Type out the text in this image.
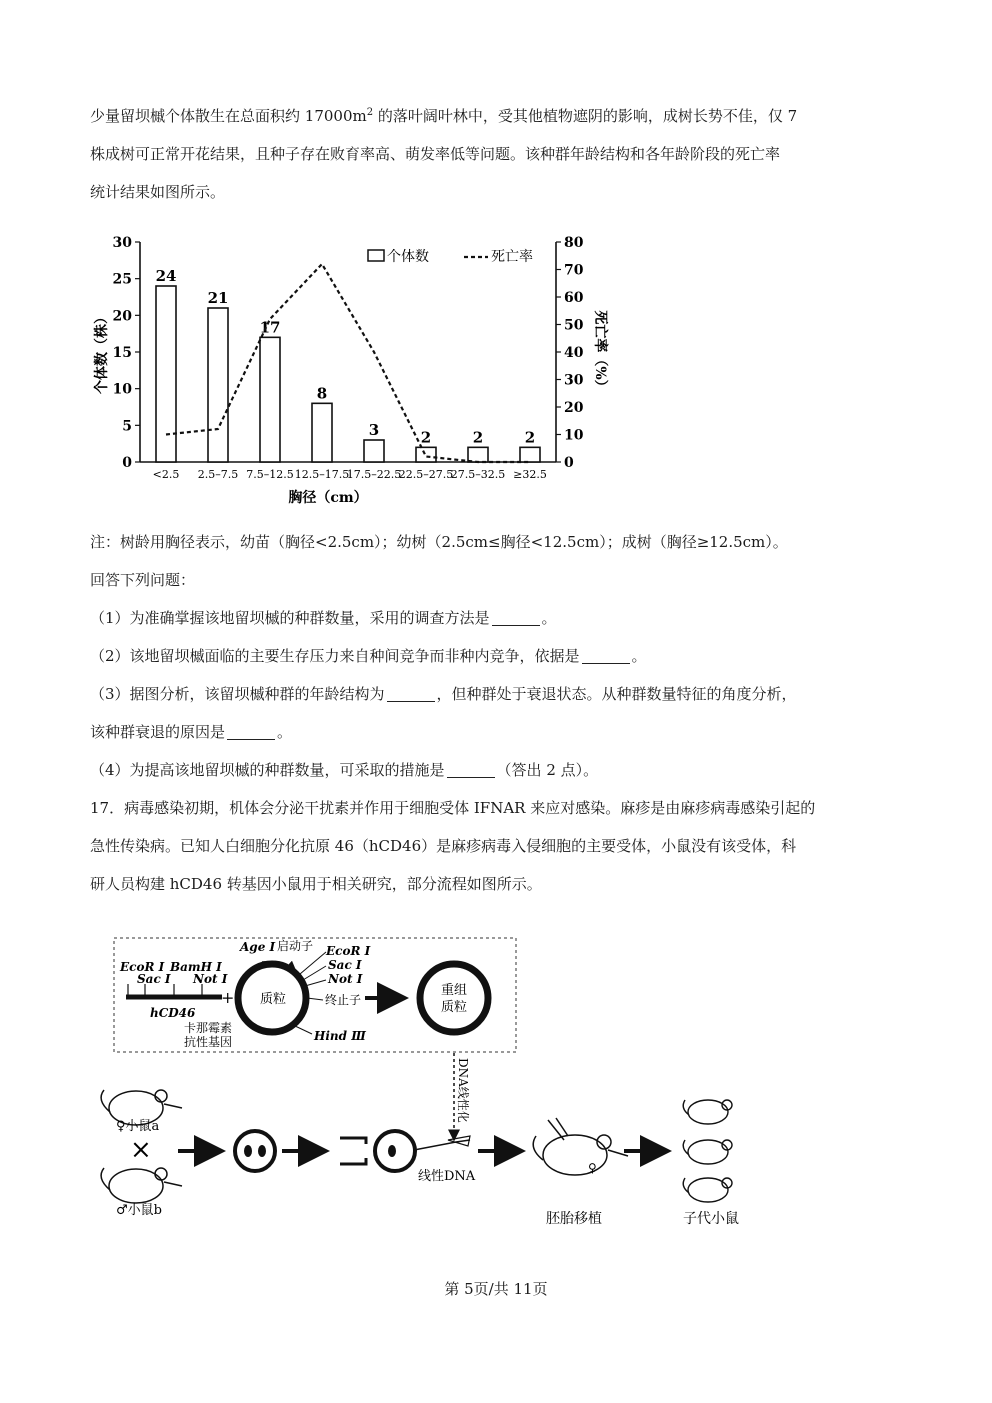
少量留坝槭个体散生在总面积约 $17000m^2$ 的落叶阔叶林中，受其他植物遮阴的影响，成树长势不佳，仅 7
株成树可正常开花结果，且种子存在败育率高、萌发率低等问题。该种群年龄结构和各年龄阶段的死亡率
统计结果如图所示。
0
5
10
15
20
25
30
0
10
20
30
40
50
60
70
80
24
<2.5
21
2.5–7.5
17
7.5–12.5
8
12.5–17.5
3
17.5–22.5
2
22.5–27.5
2
27.5–32.5
2
≥32.5
个体数（株）	死亡率（%）
胸径（cm）
个体数	死亡率
注：树龄用胸径表示，幼苗（胸径<2.5cm）；幼树（2.5cm≤胸径<12.5cm）；成树（胸径≥12.5cm）。
回答下列问题：
（1）为准确掌握该地留坝槭的种群数量，采用的调查方法是	。
（2）该地留坝槭面临的主要生存压力来自种间竞争而非种内竞争，依据是	。
（3）据图分析，该留坝槭种群的年龄结构为	，但种群处于衰退状态。从种群数量特征的角度分析，
该种群衰退的原因是	。
（4）为提高该地留坝槭的种群数量，可采取的措施是	（答出 2 点）。
17．病毒感染初期，机体会分泌干扰素并作用于细胞受体 IFNAR 来应对感染。麻疹是由麻疹病毒感染引起的
急性传染病。已知人白细胞分化抗原 46（hCD46）是麻疹病毒入侵细胞的主要受体，小鼠没有该受体，科
研人员构建 hCD46 转基因小鼠用于相关研究，部分流程如图所示。
EcoR I
Sac I
BamH I
Not I
hCD46
+ 质粒
Age I 启动子 EcoR I
Sac I
Not I
终止子
Hind Ⅲ
卡那霉素
抗性基因
重组
质粒
DNA线性化
♀小鼠a
×
♂小鼠b
线性DNA
♀
胚胎移植	子代小鼠
第 5页/共 11页
